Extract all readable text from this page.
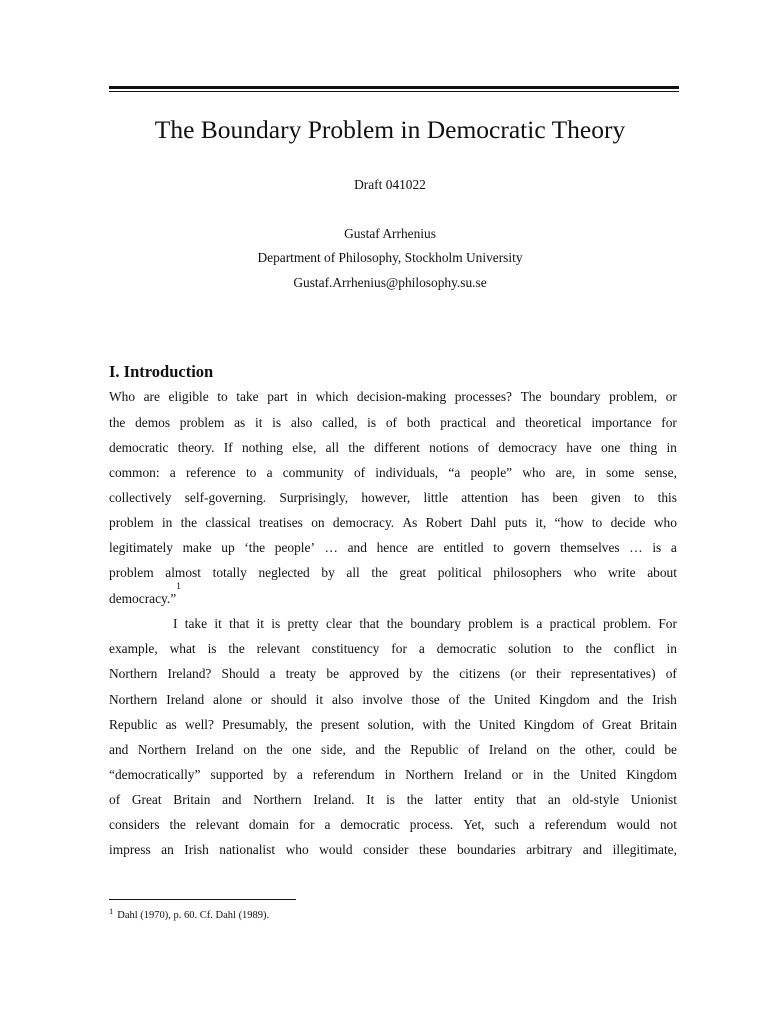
The Boundary Problem in Democratic Theory
Draft 041022
Gustaf Arrhenius
Department of Philosophy, Stockholm University
Gustaf.Arrhenius@philosophy.su.se
I. Introduction
Who are eligible to take part in which decision-making processes? The boundary problem, or
the demos problem as it is also called, is of both practical and theoretical importance for
democratic theory. If nothing else, all the different notions of democracy have one thing in
common: a reference to a community of individuals, “a people” who are, in some sense,
collectively self-governing. Surprisingly, however, little attention has been given to this
problem in the classical treatises on democracy. As Robert Dahl puts it, “how to decide who
legitimately make up ‘the people’ … and hence are entitled to govern themselves … is a
problem almost totally neglected by all the great political philosophers who write about
democracy.”
1
I take it that it is pretty clear that the boundary problem is a practical problem. For
example, what is the relevant constituency for a democratic solution to the conflict in
Northern Ireland? Should a treaty be approved by the citizens (or their representatives) of
Northern Ireland alone or should it also involve those of the United Kingdom and the Irish
Republic as well? Presumably, the present solution, with the United Kingdom of Great Britain
and Northern Ireland on the one side, and the Republic of Ireland on the other, could be
“democratically” supported by a referendum in Northern Ireland or in the United Kingdom
of Great Britain and Northern Ireland. It is the latter entity that an old-style Unionist
considers the relevant domain for a democratic process. Yet, such a referendum would not
impress an Irish nationalist who would consider these boundaries arbitrary and illegitimate,
$^1$ Dahl (1970), p. 60. Cf. Dahl (1989).
